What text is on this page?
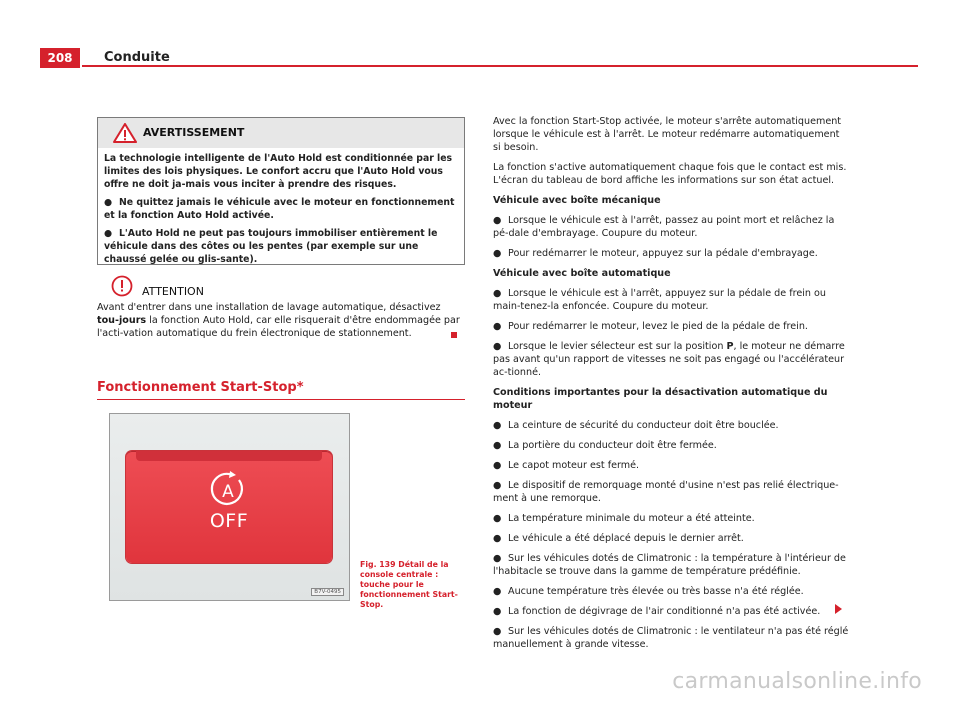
208	Conduite
AVERTISSEMENT

La technologie intelligente de l'Auto Hold est conditionnée par les limites des lois physiques. Le confort accru que l'Auto Hold vous offre ne doit ja-mais vous inciter à prendre des risques.

● Ne quittez jamais le véhicule avec le moteur en fonctionnement et la fonction Auto Hold activée.

● L'Auto Hold ne peut pas toujours immobiliser entièrement le véhicule dans des côtes ou les pentes (par exemple sur une chaussé gelée ou glis-sante).

ATTENTION
Avant d'entrer dans une installation de lavage automatique, désactivez tou-jours la fonction Auto Hold, car elle risquerait d'être endommagée par l'acti-vation automatique du frein électronique de stationnement.
Fonctionnement Start-Stop*
A
OFF
B7V-0495
Fig. 139 Détail de la console centrale : touche pour le fonctionnement Start-Stop.

Avec la fonction Start-Stop activée, le moteur s'arrête automatiquement lorsque le véhicule est à l'arrêt. Le moteur redémarre automatiquement si besoin.

La fonction s'active automatiquement chaque fois que le contact est mis. L'écran du tableau de bord affiche les informations sur son état actuel.

Véhicule avec boîte mécanique

● Lorsque le véhicule est à l'arrêt, passez au point mort et relâchez la pé-dale d'embrayage. Coupure du moteur.

● Pour redémarrer le moteur, appuyez sur la pédale d'embrayage.

Véhicule avec boîte automatique

● Lorsque le véhicule est à l'arrêt, appuyez sur la pédale de frein ou main-tenez-la enfoncée. Coupure du moteur.

● Pour redémarrer le moteur, levez le pied de la pédale de frein.

● Lorsque le levier sélecteur est sur la position P, le moteur ne démarre pas avant qu'un rapport de vitesses ne soit pas engagé ou l'accélérateur ac-tionné.

Conditions importantes pour la désactivation automatique du moteur

● La ceinture de sécurité du conducteur doit être bouclée.

● La portière du conducteur doit être fermée.

● Le capot moteur est fermé.

● Le dispositif de remorquage monté d'usine n'est pas relié électrique-ment à une remorque.

● La température minimale du moteur a été atteinte.

● Le véhicule a été déplacé depuis le dernier arrêt.

● Sur les véhicules dotés de Climatronic : la température à l'intérieur de l'habitacle se trouve dans la gamme de température prédéfinie.

● Aucune température très élevée ou très basse n'a été réglée.

● La fonction de dégivrage de l'air conditionné n'a pas été activée.

● Sur les véhicules dotés de Climatronic : le ventilateur n'a pas été réglé manuellement à grande vitesse.

carmanualsonline.info
